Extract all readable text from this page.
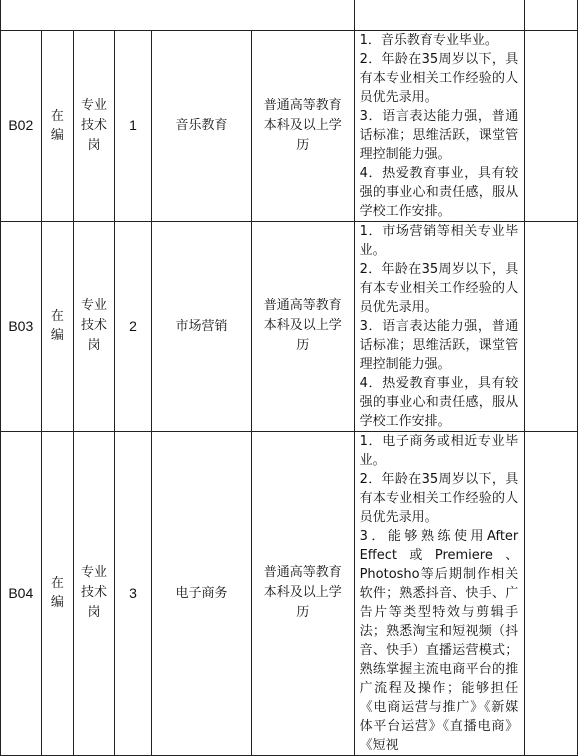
B02	在编	专业技术岗	1	音乐教育	普通高等教育本科及以上学历	1．音乐教育专业毕业。
2．年龄在35周岁以下，具有本专业相关工作经验的人员优先录用。
3．语言表达能力强，普通话标准；思维活跃，课堂管理控制能力强。
4．热爱教育事业，具有较强的事业心和责任感，服从学校工作安排。	

B03	在编	专业技术岗	2	市场营销	普通高等教育本科及以上学历	1．市场营销等相关专业毕业。
2．年龄在35周岁以下，具有本专业相关工作经验的人员优先录用。
3．语言表达能力强，普通话标准；思维活跃，课堂管理控制能力强。
4．热爱教育事业，具有较强的事业心和责任感，服从学校工作安排。	

B04	在编	专业技术岗	3	电子商务	普通高等教育本科及以上学历	1．电子商务或相近专业毕业。
2．年龄在35周岁以下，具有本专业相关工作经验的人员优先录用。
3．能够熟练使用After Effect或Premiere、Photosho等后期制作相关软件；熟悉抖音、快手、广告片等类型特效与剪辑手法；熟悉淘宝和短视频（抖音、快手）直播运营模式；熟练掌握主流电商平台的推广流程及操作；能够担任《电商运营与推广》《新媒体平台运营》《直播电商》《短视	
